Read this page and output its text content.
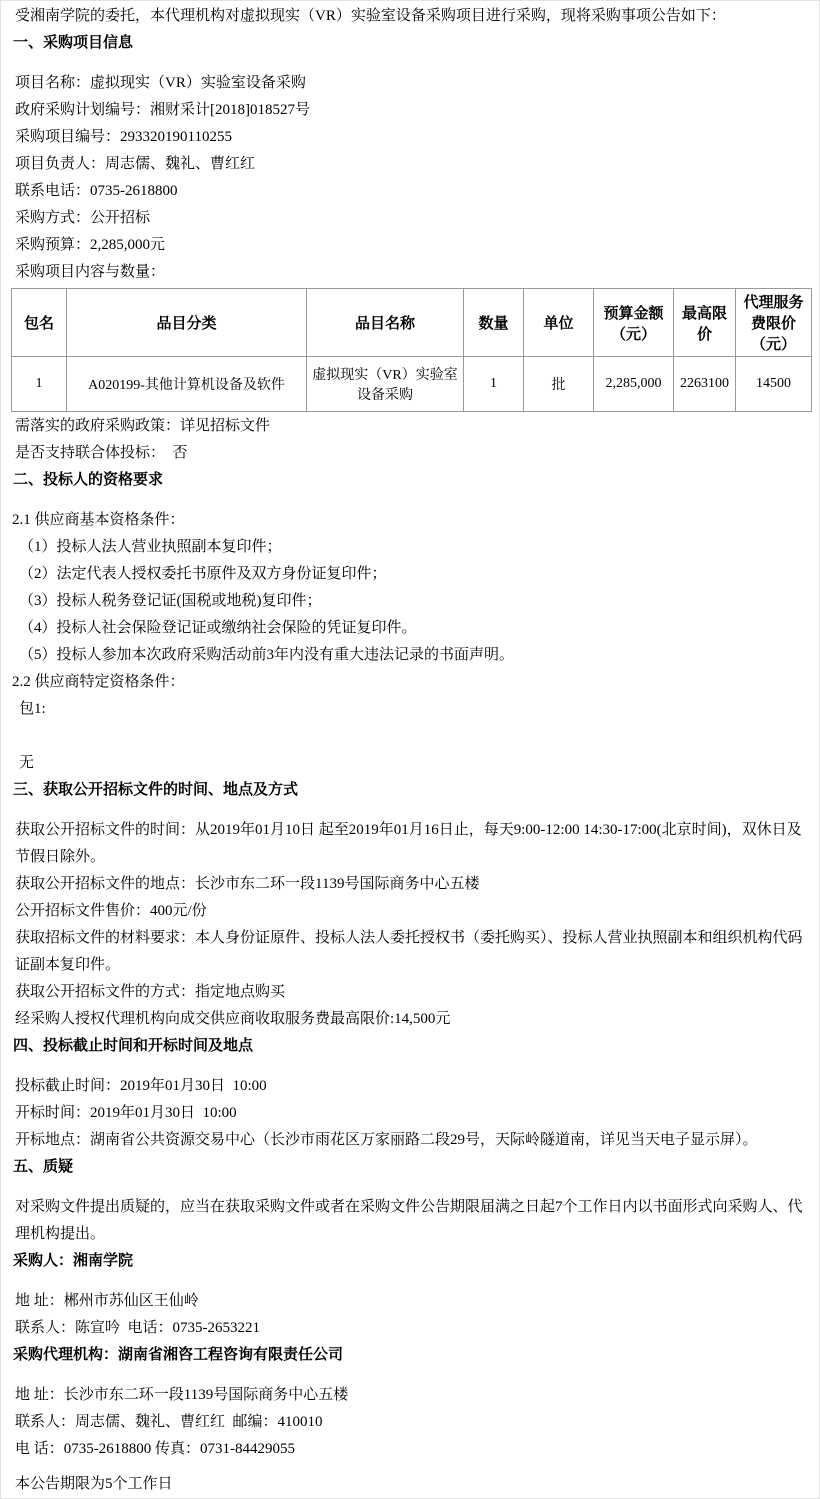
受湘南学院的委托，本代理机构对虚拟现实（VR）实验室设备采购项目进行采购，现将采购事项公告如下：

一、采购项目信息

项目名称：虚拟现实（VR）实验室设备采购

政府采购计划编号：湘财采计[2018]018527号

采购项目编号：293320190110255

项目负责人：周志儒、魏礼、曹红红

联系电话：0735-2618800

采购方式：公开招标

采购预算：2,285,000元

采购项目内容与数量：

包名	品目分类	品目名称	数量	单位	预算金额（元）	最高限价	代理服务费限价（元）
1	A020199-其他计算机设备及软件	虚拟现实（VR）实验室设备采购	1	批	2,285,000	2263100	14500

需落实的政府采购政策：详见招标文件

是否支持联合体投标：　否

二、投标人的资格要求

2.1 供应商基本资格条件：

（1）投标人法人营业执照副本复印件；

（2）法定代表人授权委托书原件及双方身份证复印件；

（3）投标人税务登记证(国税或地税)复印件；

（4）投标人社会保险登记证或缴纳社会保险的凭证复印件。

（5）投标人参加本次政府采购活动前3年内没有重大违法记录的书面声明。

2.2 供应商特定资格条件：

包1:

无

三、获取公开招标文件的时间、地点及方式

获取公开招标文件的时间：从2019年01月10日 起至2019年01月16日止，每天9:00-12:00 14:30-17:00(北京时间)，双休日及节假日除外。

获取公开招标文件的地点：长沙市东二环一段1139号国际商务中心五楼

公开招标文件售价：400元/份

获取招标文件的材料要求：本人身份证原件、投标人法人委托授权书（委托购买）、投标人营业执照副本和组织机构代码证副本复印件。

获取公开招标文件的方式：指定地点购买

经采购人授权代理机构向成交供应商收取服务费最高限价:14,500元

四、投标截止时间和开标时间及地点

投标截止时间：2019年01月30日  10:00

开标时间：2019年01月30日  10:00

开标地点：湖南省公共资源交易中心（长沙市雨花区万家丽路二段29号，天际岭隧道南，详见当天电子显示屏）。

五、质疑

对采购文件提出质疑的，应当在获取采购文件或者在采购文件公告期限届满之日起7个工作日内以书面形式向采购人、代理机构提出。

采购人：湘南学院

地 址：郴州市苏仙区王仙岭

联系人：陈宣吟  电话：0735-2653221

采购代理机构：湖南省湘咨工程咨询有限责任公司

地 址：长沙市东二环一段1139号国际商务中心五楼

联系人：周志儒、魏礼、曹红红  邮编：410010

电 话：0735-2618800 传真：0731-84429055

本公告期限为5个工作日
